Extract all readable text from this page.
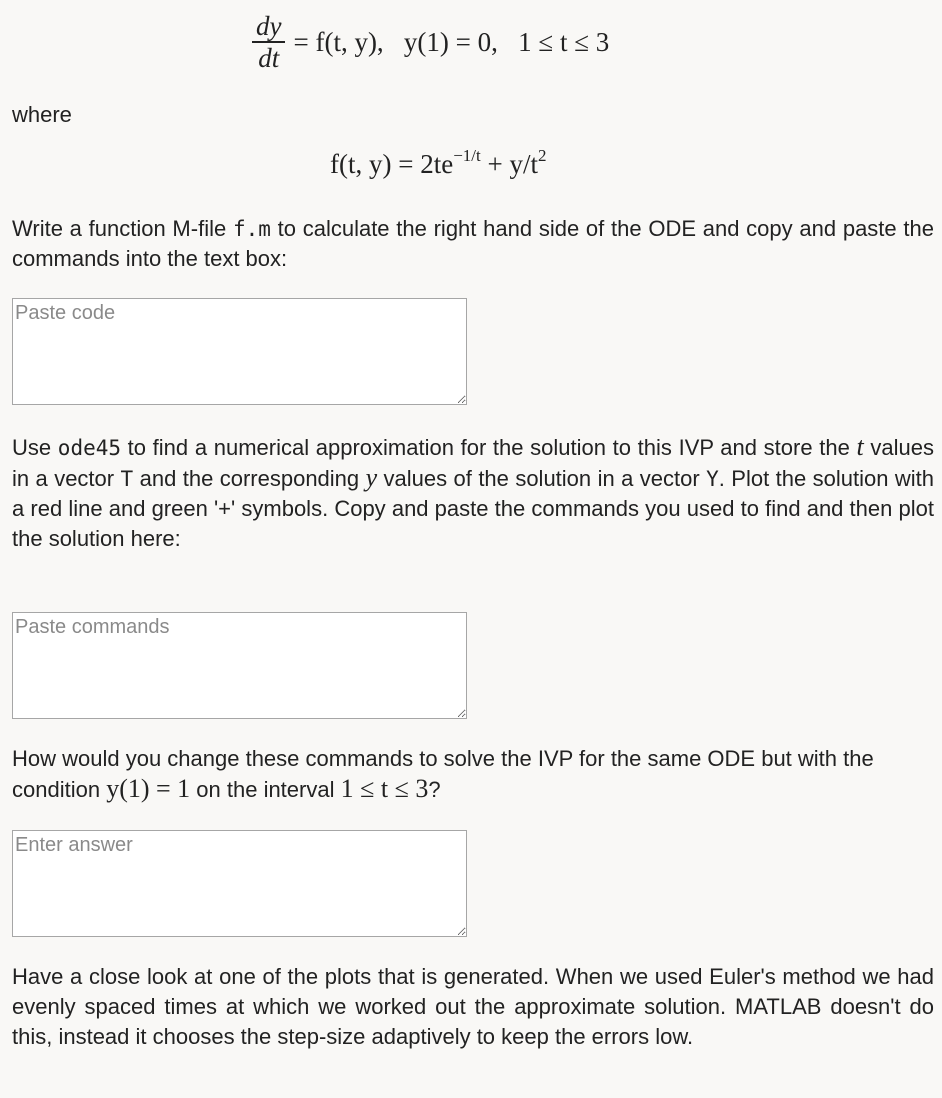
$\frac{dy}{dt} = f(t$, y),   y(1) = 0,   1 ≤ t ≤ 3
where
f(t, $y) = 2te^{-1/t} + y/t^2$
Write a function M-file f.m to calculate the right hand side of the ODE and copy and paste the commands into the text box:
Paste code
Use ode45 to find a numerical approximation for the solution to this IVP and store the t values in a vector T and the corresponding y values of the solution in a vector Y. Plot the solution with a red line and green '+' symbols. Copy and paste the commands you used to find and then plot the solution here:
Paste commands
How would you change these commands to solve the IVP for the same ODE but with the condition y(1) = 1 on the interval 1 ≤ t ≤ 3?
Enter answer
Have a close look at one of the plots that is generated. When we used Euler's method we had evenly spaced times at which we worked out the approximate solution. MATLAB doesn't do this, instead it chooses the step-size adaptively to keep the errors low.
